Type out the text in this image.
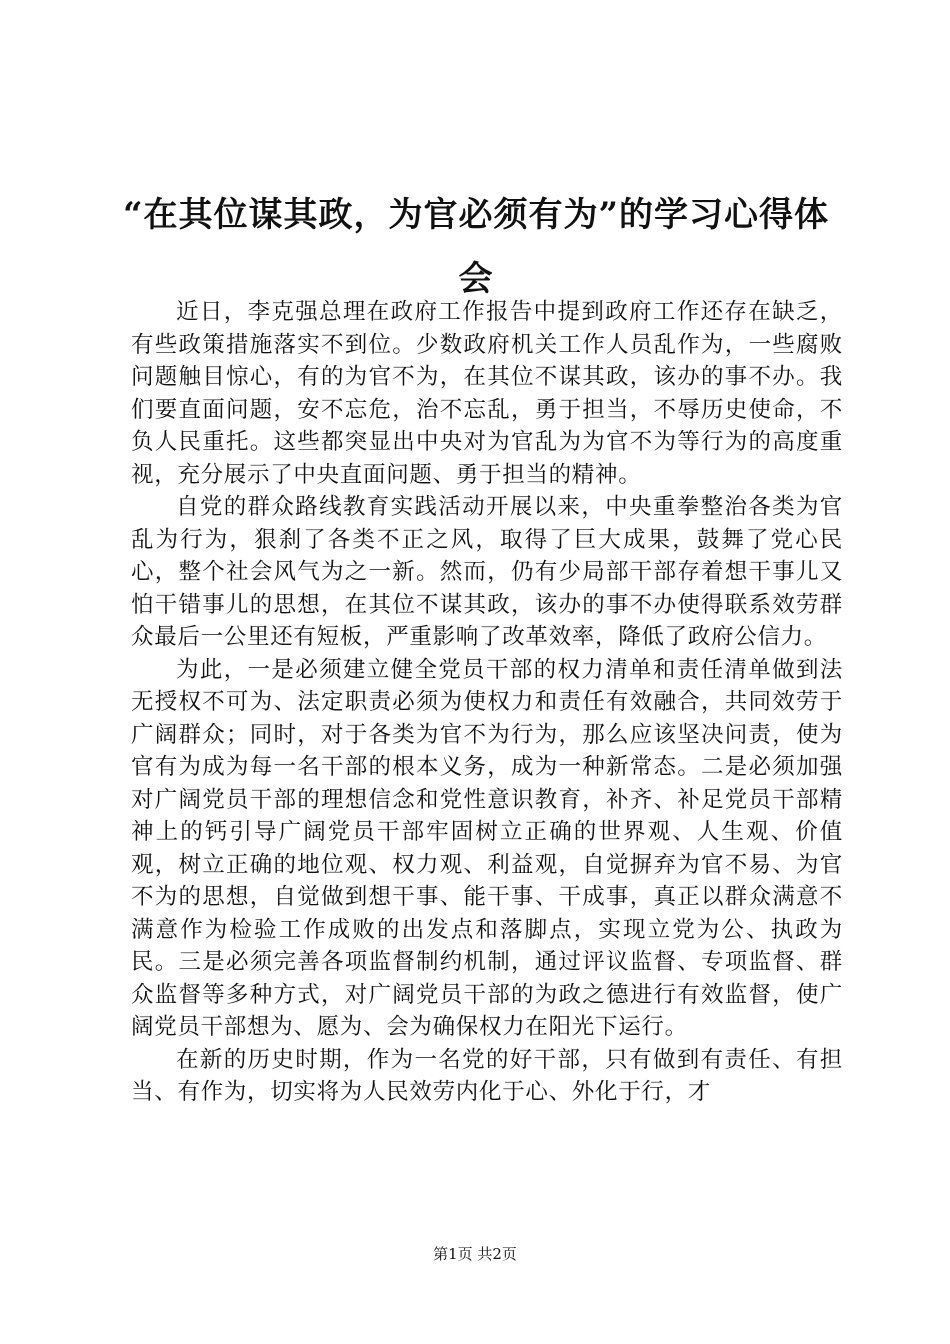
“在其位谋其政，为官必须有为”的学习心得体会

近日，李克强总理在政府工作报告中提到政府工作还存在缺乏，有些政策措施落实不到位。少数政府机关工作人员乱作为，一些腐败问题触目惊心，有的为官不为，在其位不谋其政，该办的事不办。我们要直面问题，安不忘危，治不忘乱，勇于担当，不辱历史使命，不负人民重托。这些都突显出中央对为官乱为为官不为等行为的高度重视，充分展示了中央直面问题、勇于担当的精神。

自党的群众路线教育实践活动开展以来，中央重拳整治各类为官乱为行为，狠刹了各类不正之风，取得了巨大成果，鼓舞了党心民心，整个社会风气为之一新。然而，仍有少局部干部存着想干事儿又怕干错事儿的思想，在其位不谋其政，该办的事不办使得联系效劳群众最后一公里还有短板，严重影响了改革效率，降低了政府公信力。

为此，一是必须建立健全党员干部的权力清单和责任清单做到法无授权不可为、法定职责必须为使权力和责任有效融合，共同效劳于广阔群众；同时，对于各类为官不为行为，那么应该坚决问责，使为官有为成为每一名干部的根本义务，成为一种新常态。二是必须加强对广阔党员干部的理想信念和党性意识教育，补齐、补足党员干部精神上的钙引导广阔党员干部牢固树立正确的世界观、人生观、价值观，树立正确的地位观、权力观、利益观，自觉摒弃为官不易、为官不为的思想，自觉做到想干事、能干事、干成事，真正以群众满意不满意作为检验工作成败的出发点和落脚点，实现立党为公、执政为民。三是必须完善各项监督制约机制，通过评议监督、专项监督、群众监督等多种方式，对广阔党员干部的为政之德进行有效监督，使广阔党员干部想为、愿为、会为确保权力在阳光下运行。

在新的历史时期，作为一名党的好干部，只有做到有责任、有担当、有作为，切实将为人民效劳内化于心、外化于行，才

第1页 共2页
